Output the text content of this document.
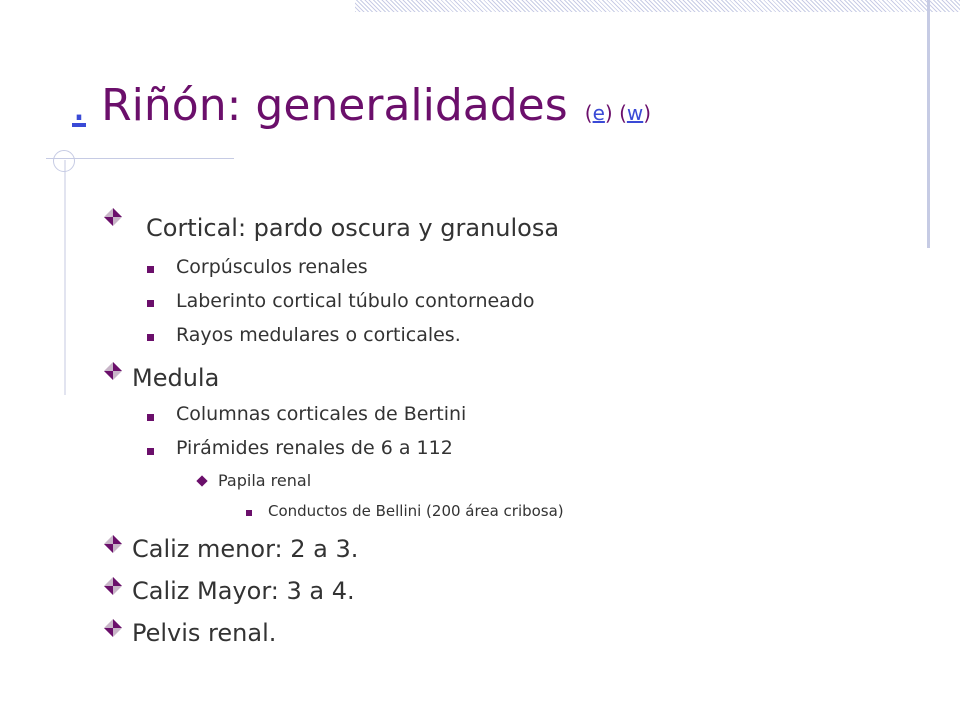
. Riñón: generalidades (e) (w)
Cortical: pardo oscura y granulosa
Corpúsculos renales
Laberinto cortical túbulo contorneado
Rayos medulares o corticales.
Medula
Columnas corticales de Bertini
Pirámides renales de 6 a 112
Papila renal
Conductos de Bellini (200 área cribosa)
Caliz menor: 2 a 3.
Caliz Mayor: 3 a 4.
Pelvis renal.
